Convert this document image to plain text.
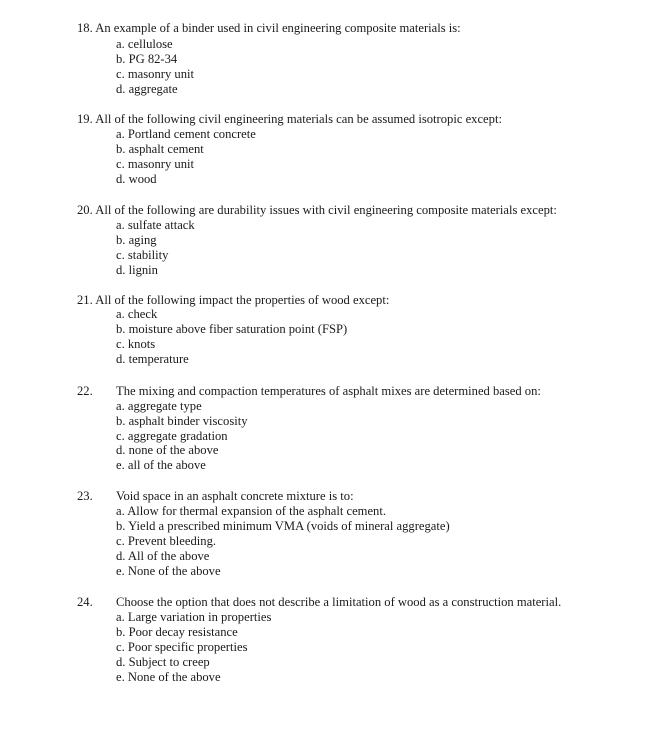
18. An example of a binder used in civil engineering composite materials is:
a. cellulose
b. PG 82-34
c. masonry unit
d. aggregate
19. All of the following civil engineering materials can be assumed isotropic except:
a. Portland cement concrete
b. asphalt cement
c. masonry unit
d. wood
20. All of the following are durability issues with civil engineering composite materials except:
a. sulfate attack
b. aging
c. stability
d. lignin
21. All of the following impact the properties of wood except:
a. check
b. moisture above fiber saturation point (FSP)
c. knots
d. temperature
22. The mixing and compaction temperatures of asphalt mixes are determined based on:
a. aggregate type
b. asphalt binder viscosity
c. aggregate gradation
d. none of the above
e. all of the above
23. Void space in an asphalt concrete mixture is to:
a. Allow for thermal expansion of the asphalt cement.
b. Yield a prescribed minimum VMA (voids of mineral aggregate)
c. Prevent bleeding.
d. All of the above
e. None of the above
24. Choose the option that does not describe a limitation of wood as a construction material.
a. Large variation in properties
b. Poor decay resistance
c. Poor specific properties
d. Subject to creep
e. None of the above
